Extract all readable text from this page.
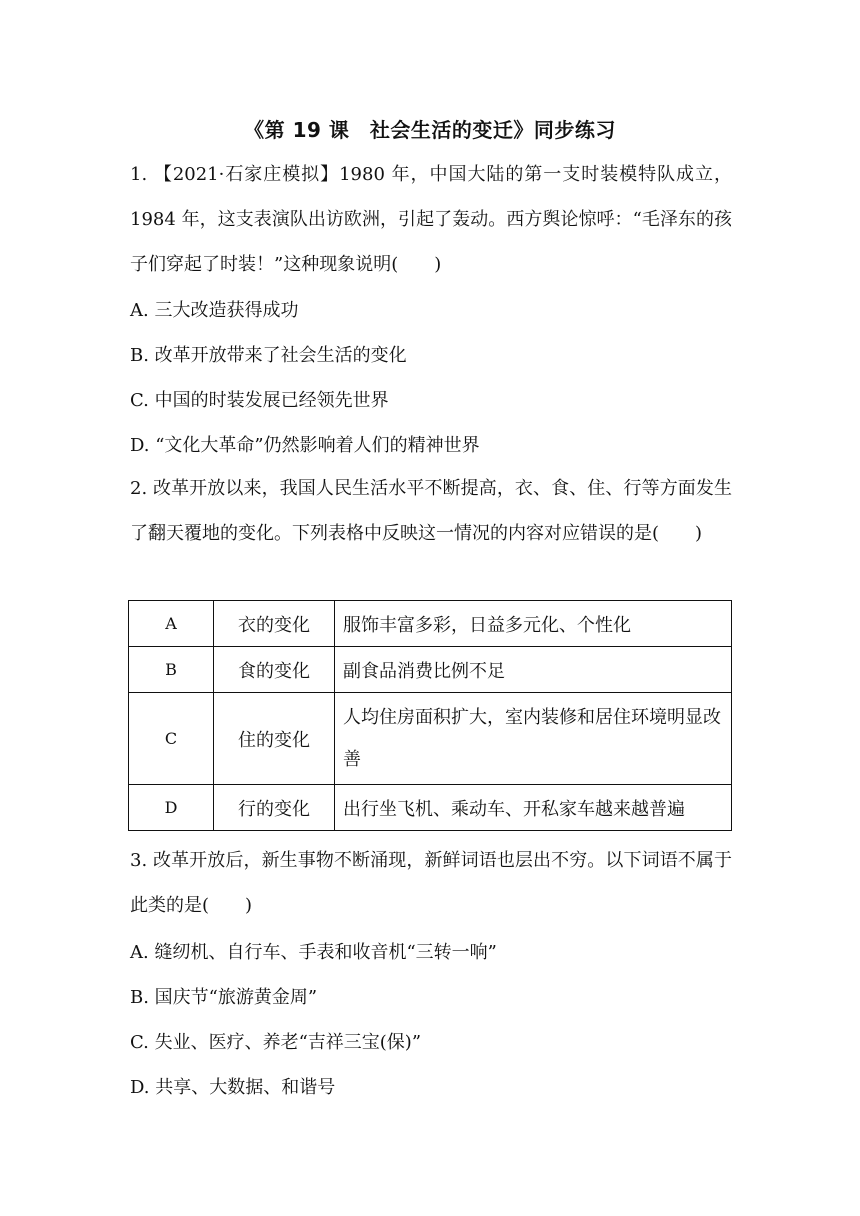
《第 19 课　社会生活的变迁》同步练习
1. 【2021·石家庄模拟】1980 年，中国大陆的第一支时装模特队成立，1984 年，这支表演队出访欧洲，引起了轰动。西方舆论惊呼：“毛泽东的孩子们穿起了时装！”这种现象说明(　　)
A. 三大改造获得成功
B. 改革开放带来了社会生活的变化
C. 中国的时装发展已经领先世界
D. “文化大革命”仍然影响着人们的精神世界
2. 改革开放以来，我国人民生活水平不断提高，衣、食、住、行等方面发生了翻天覆地的变化。下列表格中反映这一情况的内容对应错误的是(　　)
A	衣的变化	服饰丰富多彩，日益多元化、个性化
B	食的变化	副食品消费比例不足
C	住的变化	人均住房面积扩大，室内装修和居住环境明显改善
D	行的变化	出行坐飞机、乘动车、开私家车越来越普遍
3. 改革开放后，新生事物不断涌现，新鲜词语也层出不穷。以下词语不属于此类的是(　　)
A. 缝纫机、自行车、手表和收音机“三转一响”
B. 国庆节“旅游黄金周”
C. 失业、医疗、养老“吉祥三宝(保)”
D. 共享、大数据、和谐号
